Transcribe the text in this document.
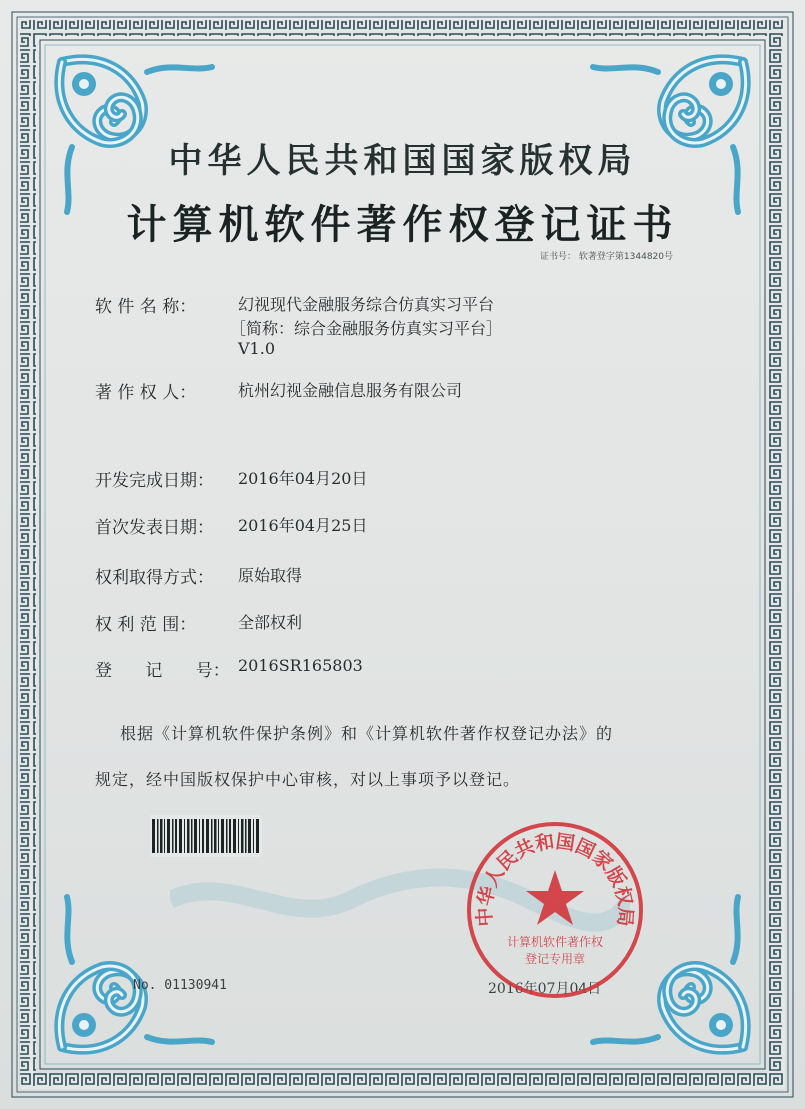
中华人民共和国国家版权局
计算机软件著作权登记证书
证书号： 软著登字第1344820号
软 件 名 称：	幻视现代金融服务综合仿真实习平台
［简称：综合金融服务仿真实习平台］
V1.0
著 作 权 人：	杭州幻视金融信息服务有限公司
开发完成日期： 2016年04月20日
首次发表日期： 2016年04月25日
权利取得方式： 原始取得
权 利 范 围：	全部权利
登 记 号： 2016SR165803
根据《计算机软件保护条例》和《计算机软件著作权登记办法》的
规定，经中国版权保护中心审核，对以上事项予以登记。
No. 01130941	2016年07月04日
中华人民共和国国家版权局
计算机软件著作权
登记专用章
